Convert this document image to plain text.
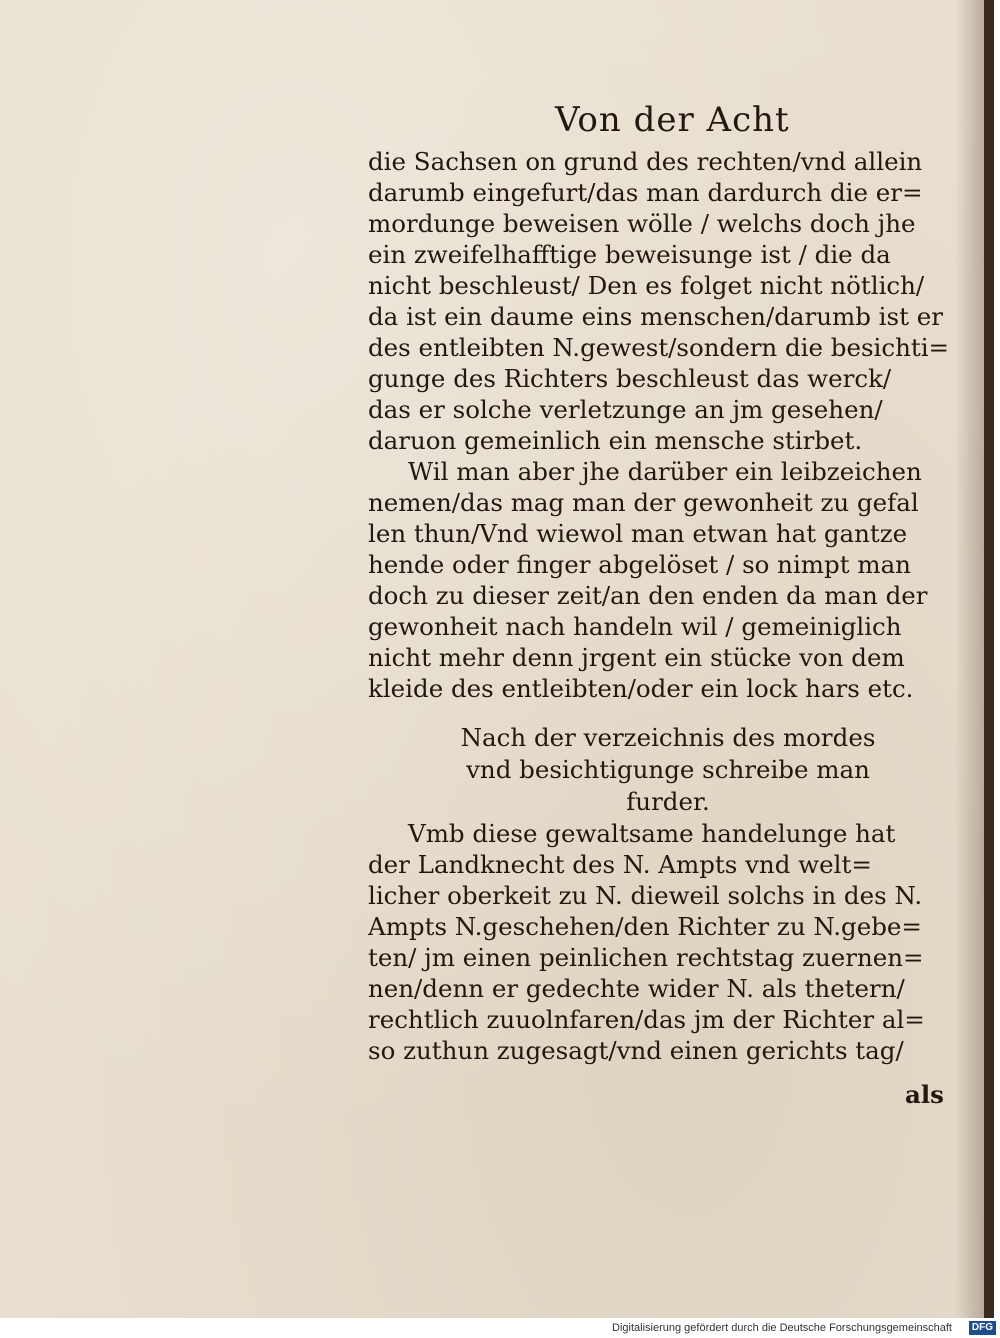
Von der Acht
die Sachsen on grund des rechten/vnd allein
darumb eingefurt/das man dardurch die er=
mordunge beweisen wölle / welchs doch jhe
ein zweifelhafftige beweisunge ist / die da
nicht beschleust/ Den es folget nicht nötlich/
da ist ein daume eins menschen/darumb ist er
des entleibten N.gewest/sondern die besichti=
gunge des Richters beschleust das werck/
das er solche verletzunge an jm gesehen/
daruon gemeinlich ein mensche stirbet.
Wil man aber jhe darüber ein leibzeichen
nemen/das mag man der gewonheit zu gefal
len thun/Vnd wiewol man etwan hat gantze
hende oder finger abgelöset / so nimpt man
doch zu dieser zeit/an den enden da man der
gewonheit nach handeln wil / gemeiniglich
nicht mehr denn jrgent ein stücke von dem
kleide des entleibten/oder ein lock hars etc.
Nach der verzeichnis des mordes
vnd besichtigunge schreibe man
furder.
Vmb diese gewaltsame handelunge hat
der Landknecht des N. Ampts vnd welt=
licher oberkeit zu N. dieweil solchs in des N.
Ampts N.geschehen/den Richter zu N.gebe=
ten/ jm einen peinlichen rechtstag zuernen=
nen/denn er gedechte wider N. als thetern/
rechtlich zuuolnfaren/das jm der Richter al=
so zuthun zugesagt/vnd einen gerichts tag/
als
Digitalisierung gefördert durch die Deutsche Forschungsgemeinschaft	DFG
